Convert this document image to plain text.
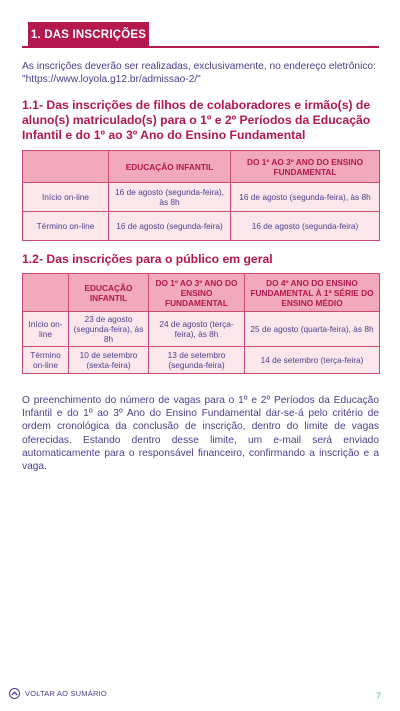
1. DAS INSCRIÇÕES
As inscrições deverão ser realizadas, exclusivamente, no endereço eletrônico:
"https://www.loyola.g12.br/admissao-2/"
1.1- Das inscrições de filhos de colaboradores e irmão(s) de aluno(s) matriculado(s) para o 1º e 2º Períodos da Educação Infantil e do 1º ao 3º Ano do Ensino Fundamental
	EDUCAÇÃO INFANTIL	DO 1º AO 3º ANO DO ENSINO FUNDAMENTAL
Início on-line	16 de agosto (segunda-feira), às 8h	16 de agosto (segunda-feira), às 8h
Término on-line	16 de agosto (segunda-feira)	16 de agosto (segunda-feira)
1.2- Das inscrições para o público em geral
	EDUCAÇÃO INFANTIL	DO 1º AO 3º ANO DO ENSINO FUNDAMENTAL	DO 4º ANO DO ENSINO FUNDAMENTAL À 1ª SÉRIE DO ENSINO MÉDIO
Início on-line	23 de agosto (segunda-feira), às 8h	24 de agosto (terça-feira), às 8h	25 de agosto (quarta-feira), às 8h
Término on-line	10 de setembro (sexta-feira)	13 de setembro (segunda-feira)	14 de setembro (terça-feira)
O preenchimento do número de vagas para o 1º e 2º Períodos da Educação Infantil e do 1º ao 3º Ano do Ensino Fundamental dar-se-á pelo critério de ordem cronológica da conclusão de inscrição, dentro do limite de vagas oferecidas. Estando dentro desse limite, um e-mail será enviado automaticamente para o responsável financeiro, confirmando a inscrição e a vaga.
VOLTAR AO SUMÁRIO	7
